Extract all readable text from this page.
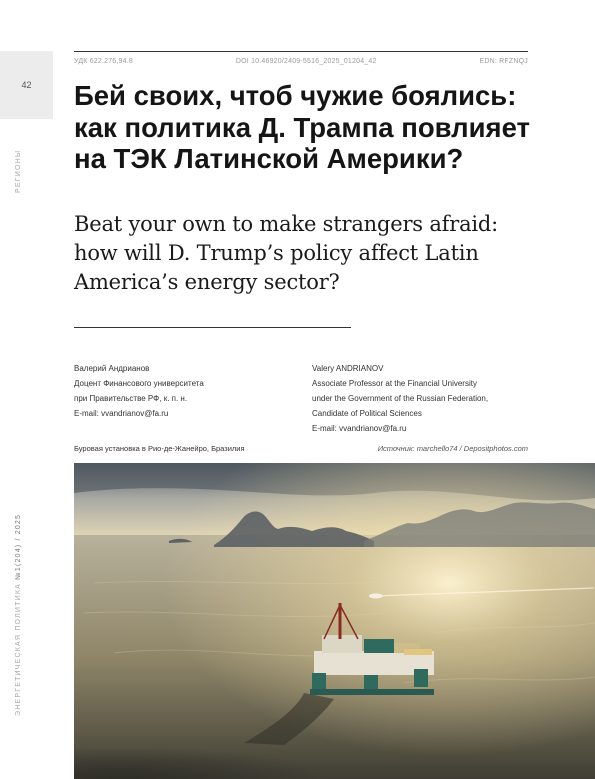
42
РЕГИОНЫ
ЭНЕРГЕТИЧЕСКАЯ ПОЛИТИКА №1(204) / 2025
УДК 622.276,94.8	DOI 10.46920/2409-5516_2025_01204_42	EDN: RFZNQJ
Бей своих, чтоб чужие боялись: как политика Д. Трампа повлияет на ТЭК Латинской Америки?
Beat your own to make strangers afraid: how will D. Trump’s policy affect Latin America’s energy sector?
Валерий Андрианов
Доцент Финансового университета
при Правительстве РФ, к. п. н.
E-mail: vvandrianov@fa.ru
Valery ANDRIANOV
Associate Professor at the Financial University
under the Government of the Russian Federation,
Candidate of Political Sciences
E-mail: vvandrianov@fa.ru
Буровая установка в Рио-де-Жанейро, Бразилия	Источник: marchello74 / Depositphotos.com
